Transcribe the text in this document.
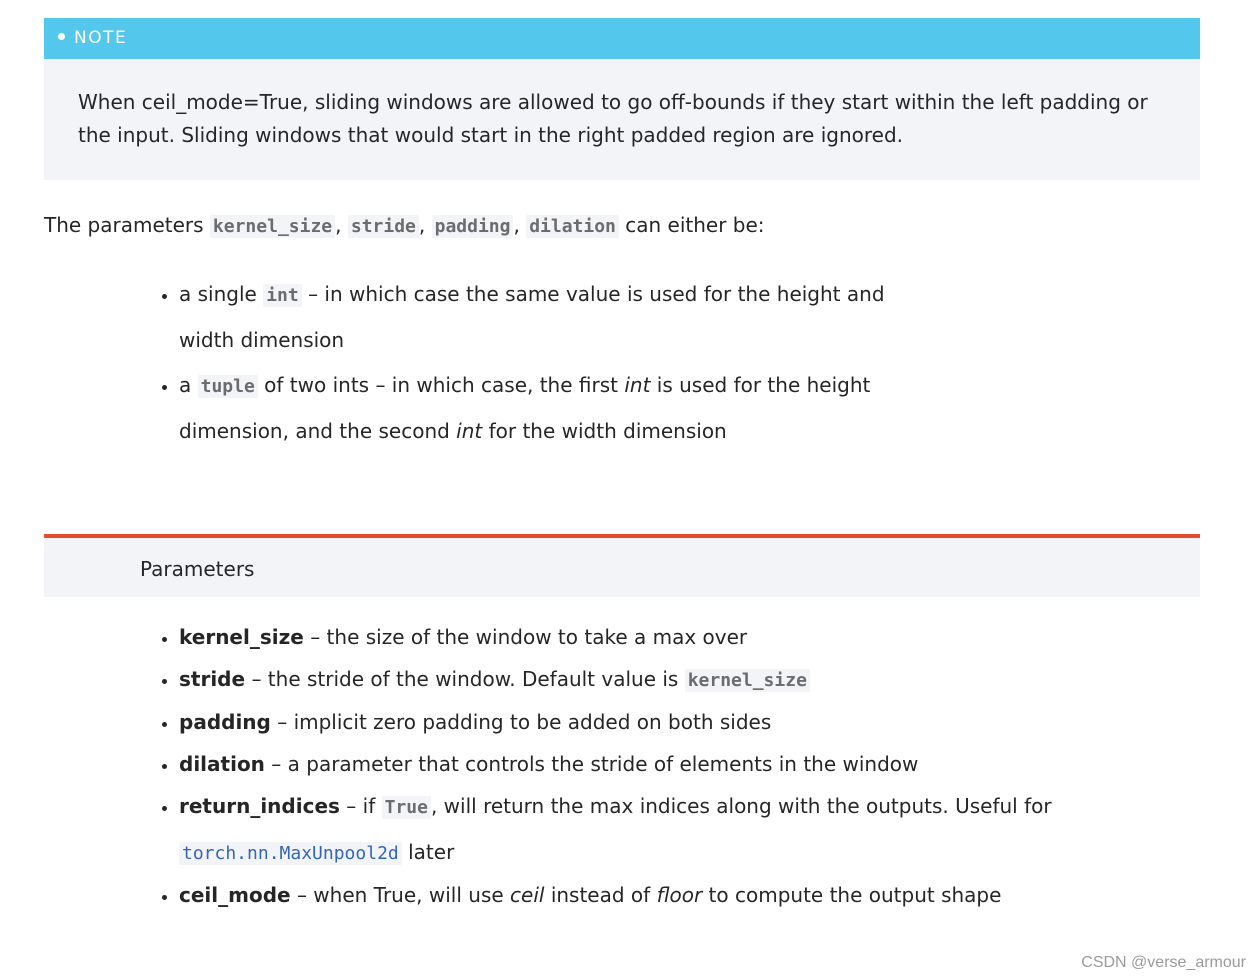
NOTE
When ceil_mode=True, sliding windows are allowed to go off-bounds if they start within the left padding or the input. Sliding windows that would start in the right padded region are ignored.
The parameters kernel_size , stride , padding , dilation can either be:
• a single int – in which case the same value is used for the height and width dimension
• a tuple of two ints – in which case, the first int is used for the height dimension, and the second int for the width dimension
Parameters
• kernel_size – the size of the window to take a max over
• stride – the stride of the window. Default value is kernel_size
• padding – implicit zero padding to be added on both sides
• dilation – a parameter that controls the stride of elements in the window
• return_indices – if True , will return the max indices along with the outputs. Useful for torch.nn.MaxUnpool2d later
• ceil_mode – when True, will use ceil instead of floor to compute the output shape
CSDN @verse_armour
